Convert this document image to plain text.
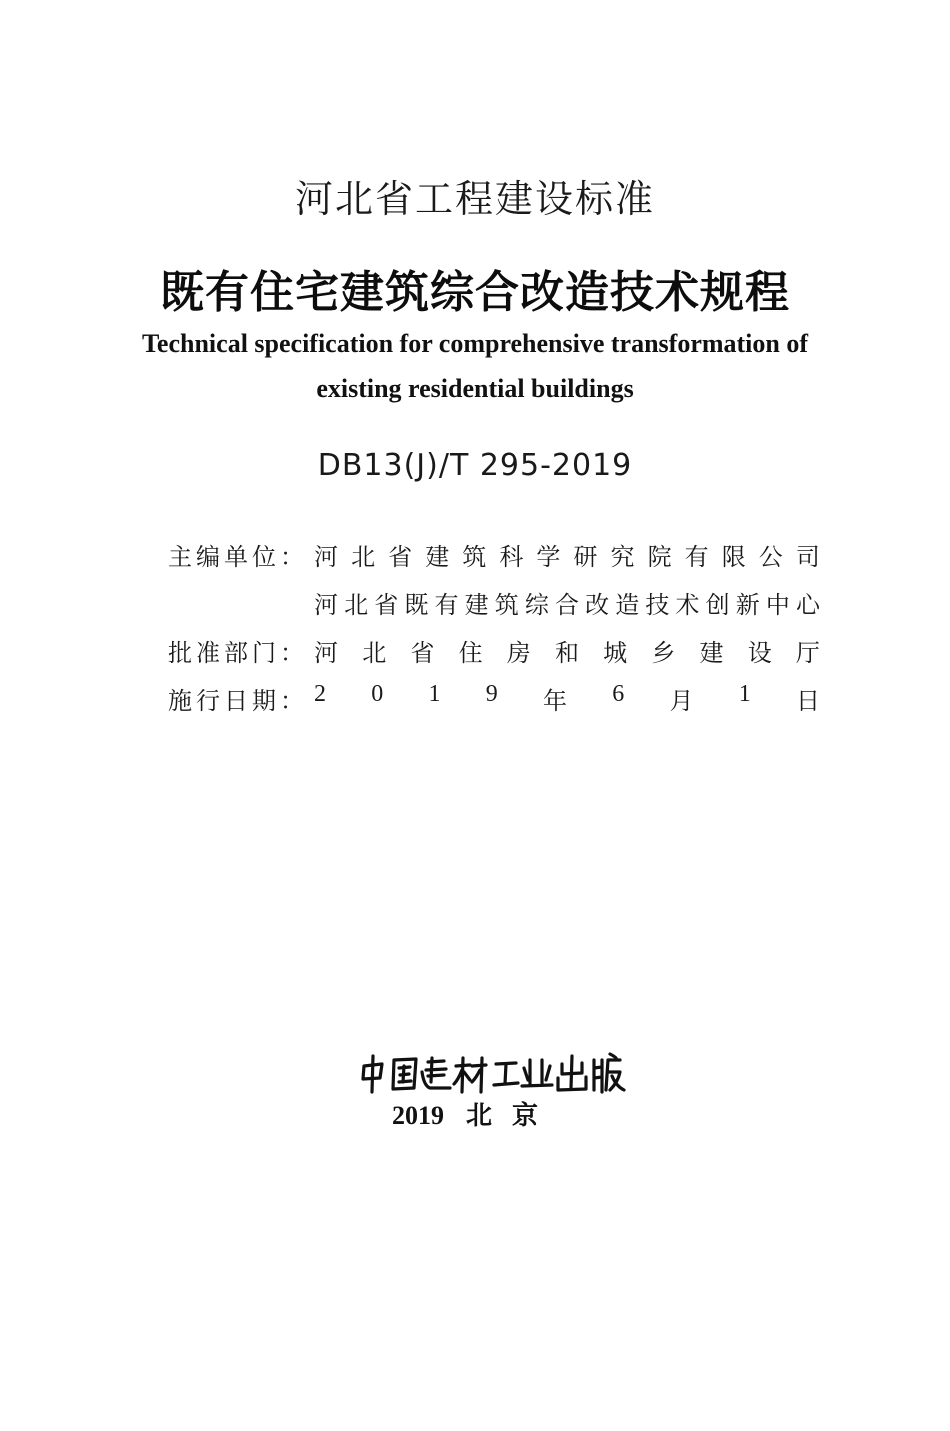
河北省工程建设标准
既有住宅建筑综合改造技术规程
Technical specification for comprehensive transformation of
existing residential buildings
DB13(J)/T 295-2019
主编单位： 河 北 省 建 筑 科 学 研 究 院 有 限 公 司
河 北 省 既 有 建 筑 综 合 改 造 技 术 创 新 中 心
批准部门： 河 北 省 住 房 和 城 乡 建 设 厅
施行日期： 2 0 1 9 年 6 月 1 日
2019 北京
